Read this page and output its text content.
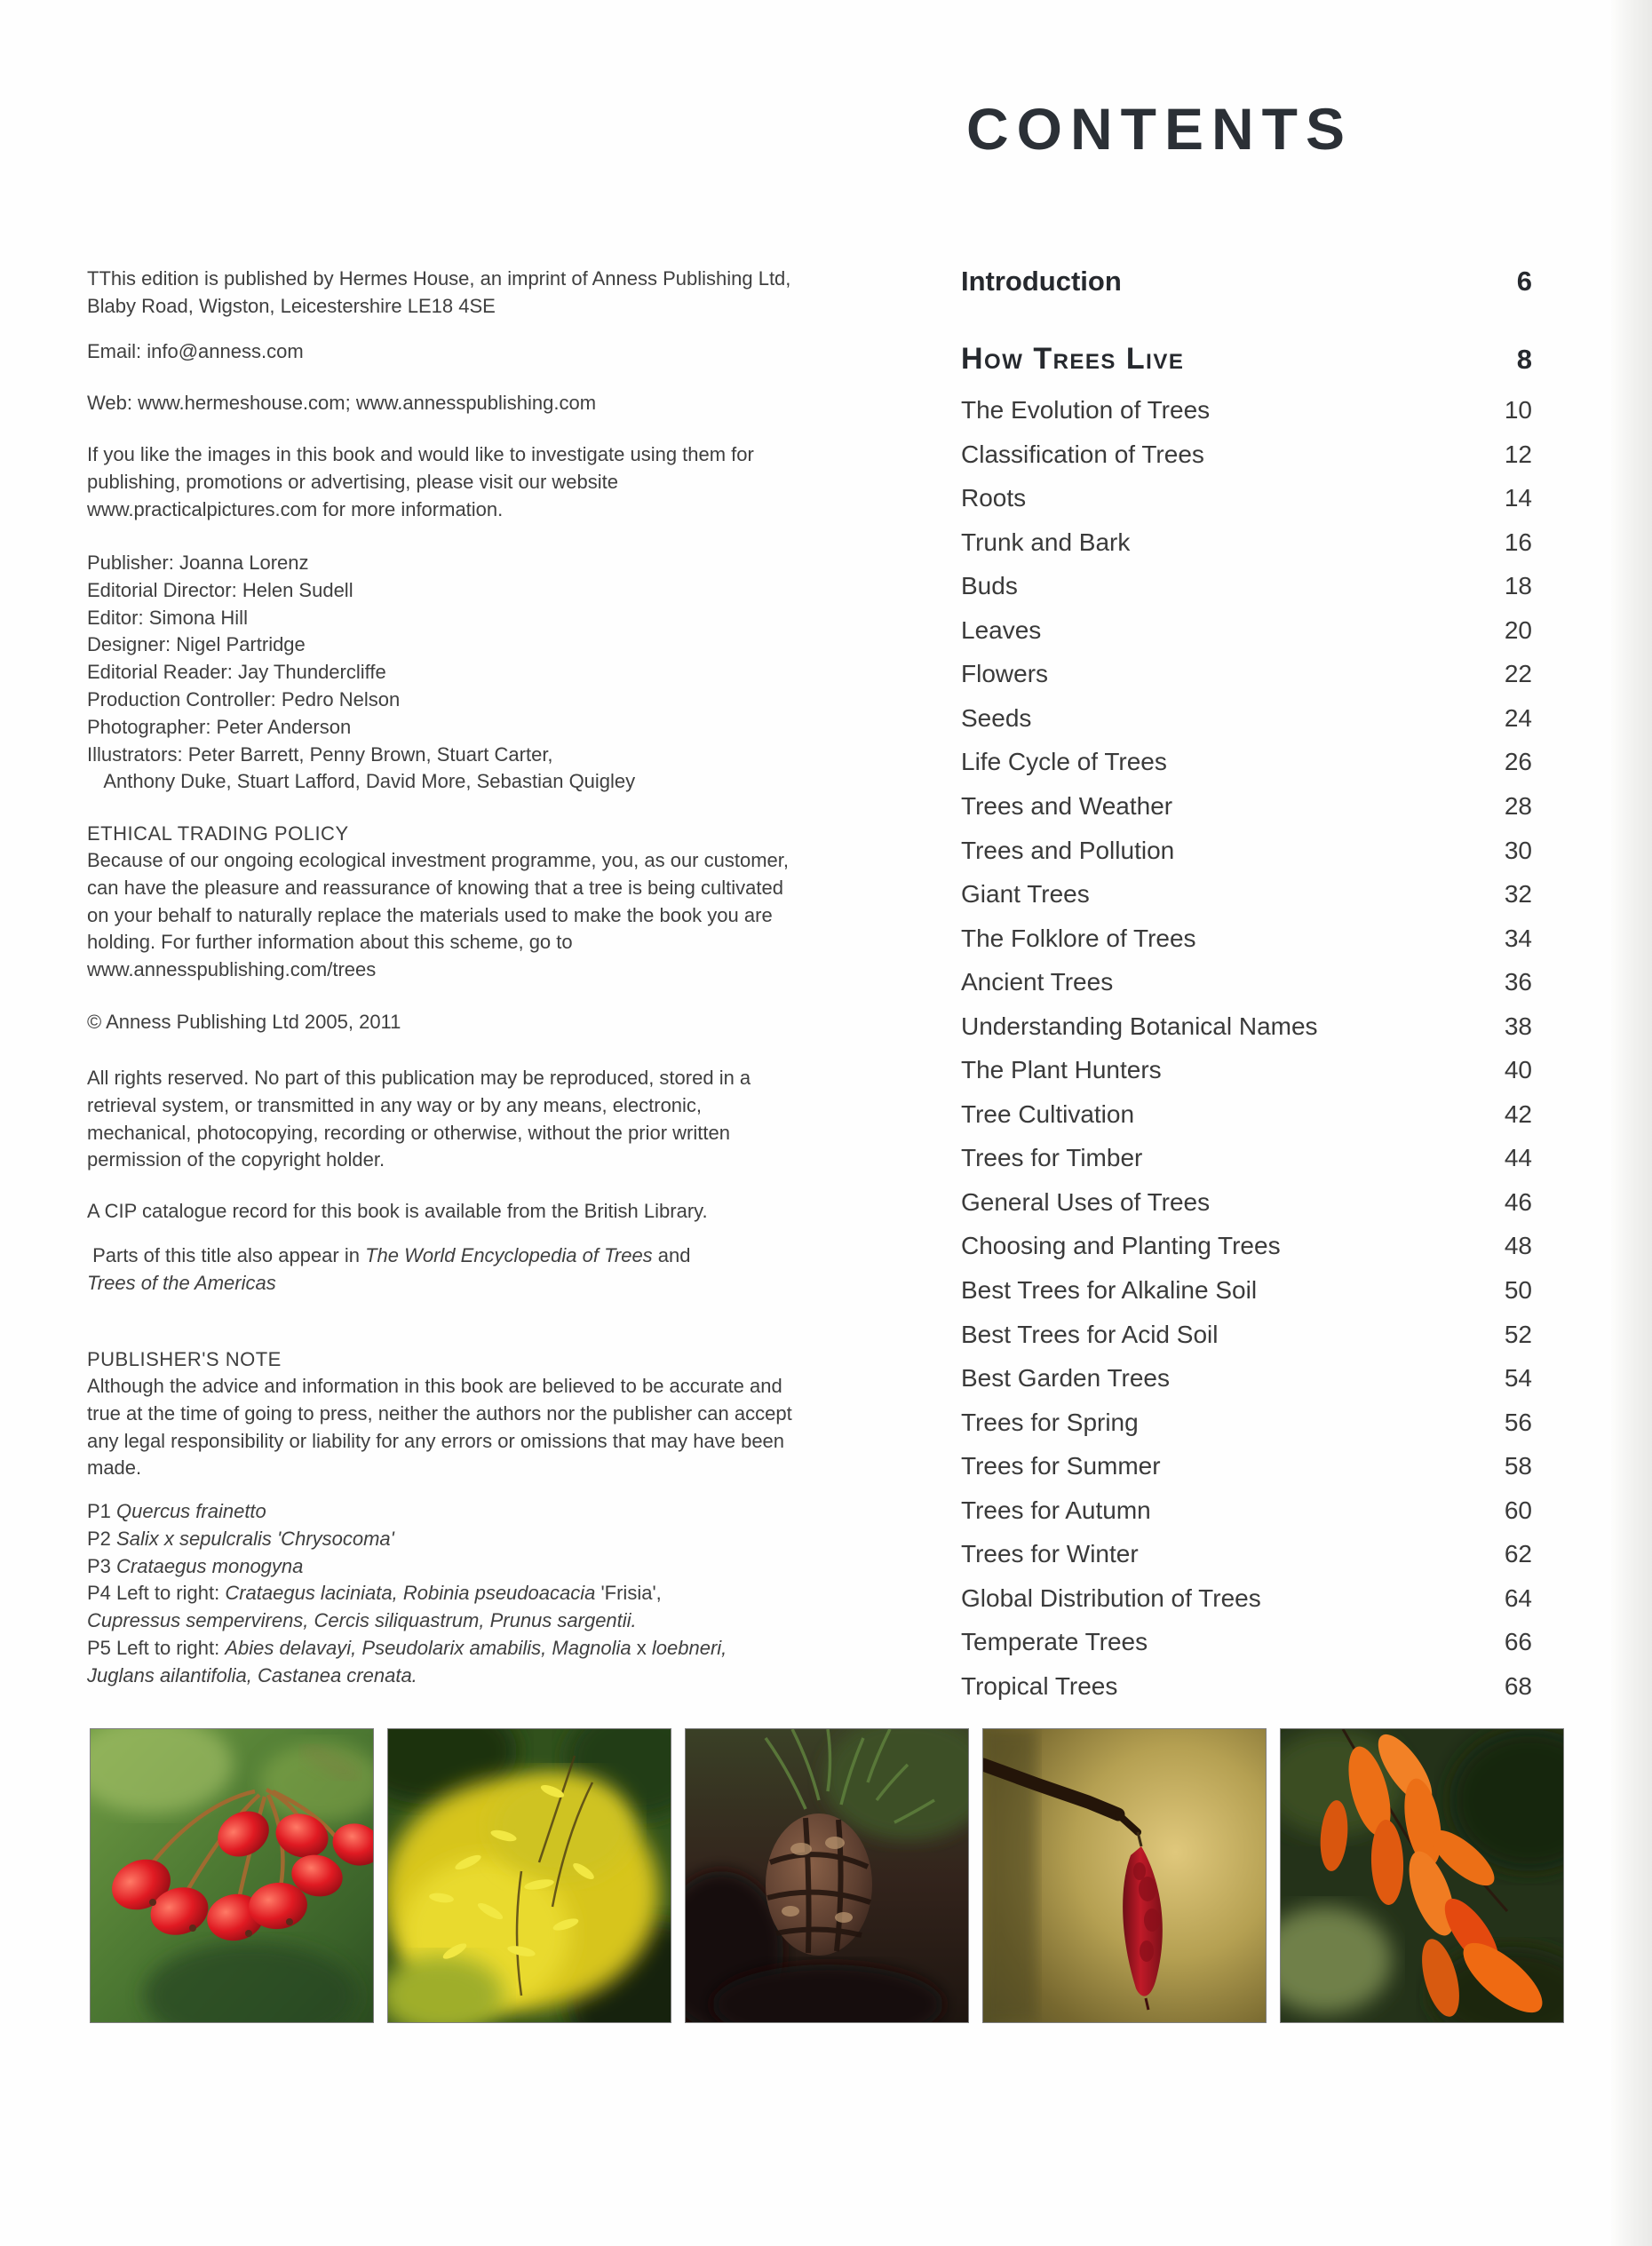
CONTENTS
TThis edition is published by Hermes House, an imprint of Anness Publishing Ltd,
Blaby Road, Wigston, Leicestershire LE18 4SE
Email: info@anness.com
Web: www.hermeshouse.com; www.annesspublishing.com
If you like the images in this book and would like to investigate using them for
publishing, promotions or advertising, please visit our website
www.practicalpictures.com for more information.
Publisher: Joanna Lorenz
Editorial Director: Helen Sudell
Editor: Simona Hill
Designer: Nigel Partridge
Editorial Reader: Jay Thundercliffe
Production Controller: Pedro Nelson
Photographer: Peter Anderson
Illustrators: Peter Barrett, Penny Brown, Stuart Carter,
Anthony Duke, Stuart Lafford, David More, Sebastian Quigley
ETHICAL TRADING POLICY
Because of our ongoing ecological investment programme, you, as our customer,
can have the pleasure and reassurance of knowing that a tree is being cultivated
on your behalf to naturally replace the materials used to make the book you are
holding. For further information about this scheme, go to
www.annesspublishing.com/trees
© Anness Publishing Ltd 2005, 2011
All rights reserved. No part of this publication may be reproduced, stored in a
retrieval system, or transmitted in any way or by any means, electronic,
mechanical, photocopying, recording or otherwise, without the prior written
permission of the copyright holder.
A CIP catalogue record for this book is available from the British Library.
Parts of this title also appear in The World Encyclopedia of Trees and
Trees of the Americas
PUBLISHER'S NOTE
Although the advice and information in this book are believed to be accurate and
true at the time of going to press, neither the authors nor the publisher can accept
any legal responsibility or liability for any errors or omissions that may have been
made.
P1 Quercus frainetto
P2 Salix x sepulcralis 'Chrysocoma'
P3 Crataegus monogyna
P4 Left to right: Crataegus laciniata, Robinia pseudoacacia 'Frisia',
Cupressus sempervirens, Cercis siliquastrum, Prunus sargentii.
P5 Left to right: Abies delavayi, Pseudolarix amabilis, Magnolia x loebneri,
Juglans ailantifolia, Castanea crenata.
Introduction	6
How Trees Live	8
The Evolution of Trees	10
Classification of Trees	12
Roots	14
Trunk and Bark	16
Buds	18
Leaves	20
Flowers	22
Seeds	24
Life Cycle of Trees	26
Trees and Weather	28
Trees and Pollution	30
Giant Trees	32
The Folklore of Trees	34
Ancient Trees	36
Understanding Botanical Names	38
The Plant Hunters	40
Tree Cultivation	42
Trees for Timber	44
General Uses of Trees	46
Choosing and Planting Trees	48
Best Trees for Alkaline Soil	50
Best Trees for Acid Soil	52
Best Garden Trees	54
Trees for Spring	56
Trees for Summer	58
Trees for Autumn	60
Trees for Winter	62
Global Distribution of Trees	64
Temperate Trees	66
Tropical Trees	68
